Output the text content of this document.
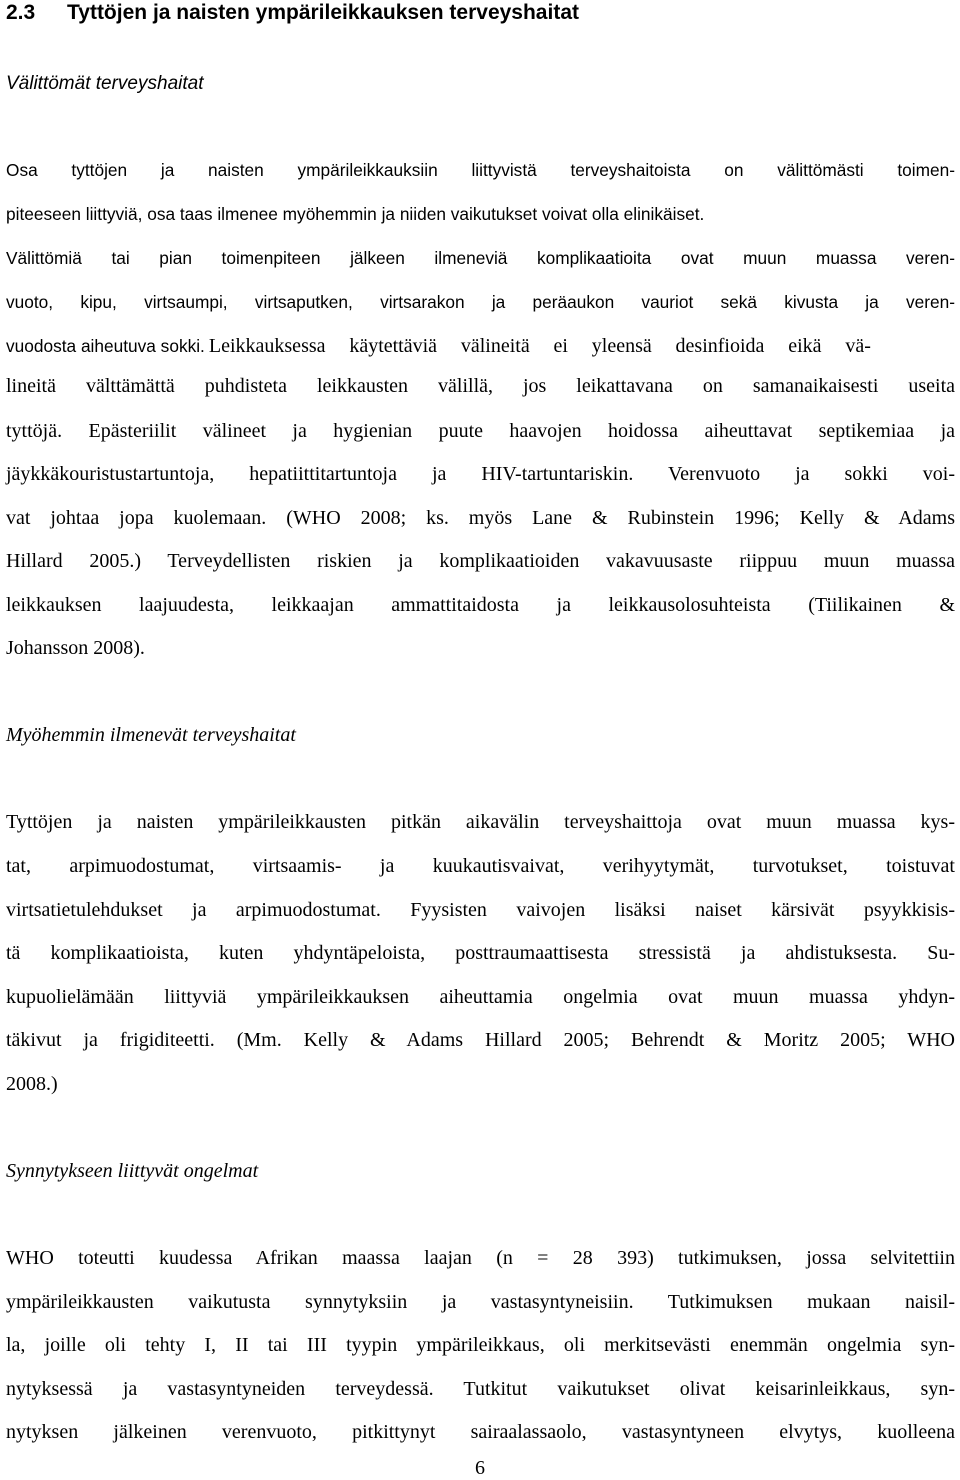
2.3 Tyttöjen ja naisten ympärileikkauksen terveyshaitat
Välittömät terveyshaitat
Osa tyttöjen ja naisten ympärileikkauksiin liittyvistä terveyshaitoista on välittömästi toimen-
piteeseen liittyviä, osa taas ilmenee myöhemmin ja niiden vaikutukset voivat olla elinikäiset.
Välittömiä tai pian toimenpiteen jälkeen ilmeneviä komplikaatioita ovat muun muassa veren-
vuoto, kipu, virtsaumpi, virtsaputken, virtsarakon ja peräaukon vauriot sekä kivusta ja veren-
vuodosta aiheutuva sokki. Leikkauksessa käytettäviä välineitä ei yleensä desinfioida eikä vä-
lineitä välttämättä puhdisteta leikkausten välillä, jos leikattavana on samanaikaisesti useita
tyttöjä. Epästeriilit välineet ja hygienian puute haavojen hoidossa aiheuttavat septikemiaa ja
jäykkäkouristustartuntoja, hepatiittitartuntoja ja HIV-tartuntariskin. Verenvuoto ja sokki voi-
vat johtaa jopa kuolemaan. (WHO 2008; ks. myös Lane & Rubinstein 1996; Kelly & Adams
Hillard 2005.) Terveydellisten riskien ja komplikaatioiden vakavuusaste riippuu muun muassa
leikkauksen laajuudesta, leikkaajan ammattitaidosta ja leikkausolosuhteista (Tiilikainen &
Johansson 2008).
Myöhemmin ilmenevät terveyshaitat
Tyttöjen ja naisten ympärileikkausten pitkän aikavälin terveyshaittoja ovat muun muassa kys-
tat, arpimuodostumat, virtsaamis- ja kuukautisvaivat, verihyytymät, turvotukset, toistuvat
virtsatietulehdukset ja arpimuodostumat. Fyysisten vaivojen lisäksi naiset kärsivät psyykkisis-
tä komplikaatioista, kuten yhdyntäpeloista, posttraumaattisesta stressistä ja ahdistuksesta. Su-
kupuolielämään liittyviä ympärileikkauksen aiheuttamia ongelmia ovat muun muassa yhdyn-
täkivut ja frigiditeetti. (Mm. Kelly & Adams Hillard 2005; Behrendt & Moritz 2005; WHO
2008.)
Synnytykseen liittyvät ongelmat
WHO toteutti kuudessa Afrikan maassa laajan (n = 28 393) tutkimuksen, jossa selvitettiin
ympärileikkausten vaikutusta synnytyksiin ja vastasyntyneisiin. Tutkimuksen mukaan naisil-
la, joille oli tehty I, II tai III tyypin ympärileikkaus, oli merkitsevästi enemmän ongelmia syn-
nytyksessä ja vastasyntyneiden terveydessä. Tutkitut vaikutukset olivat keisarinleikkaus, syn-
nytyksen jälkeinen verenvuoto, pitkittynyt sairaalassaolo, vastasyntyneen elvytys, kuolleena
6
